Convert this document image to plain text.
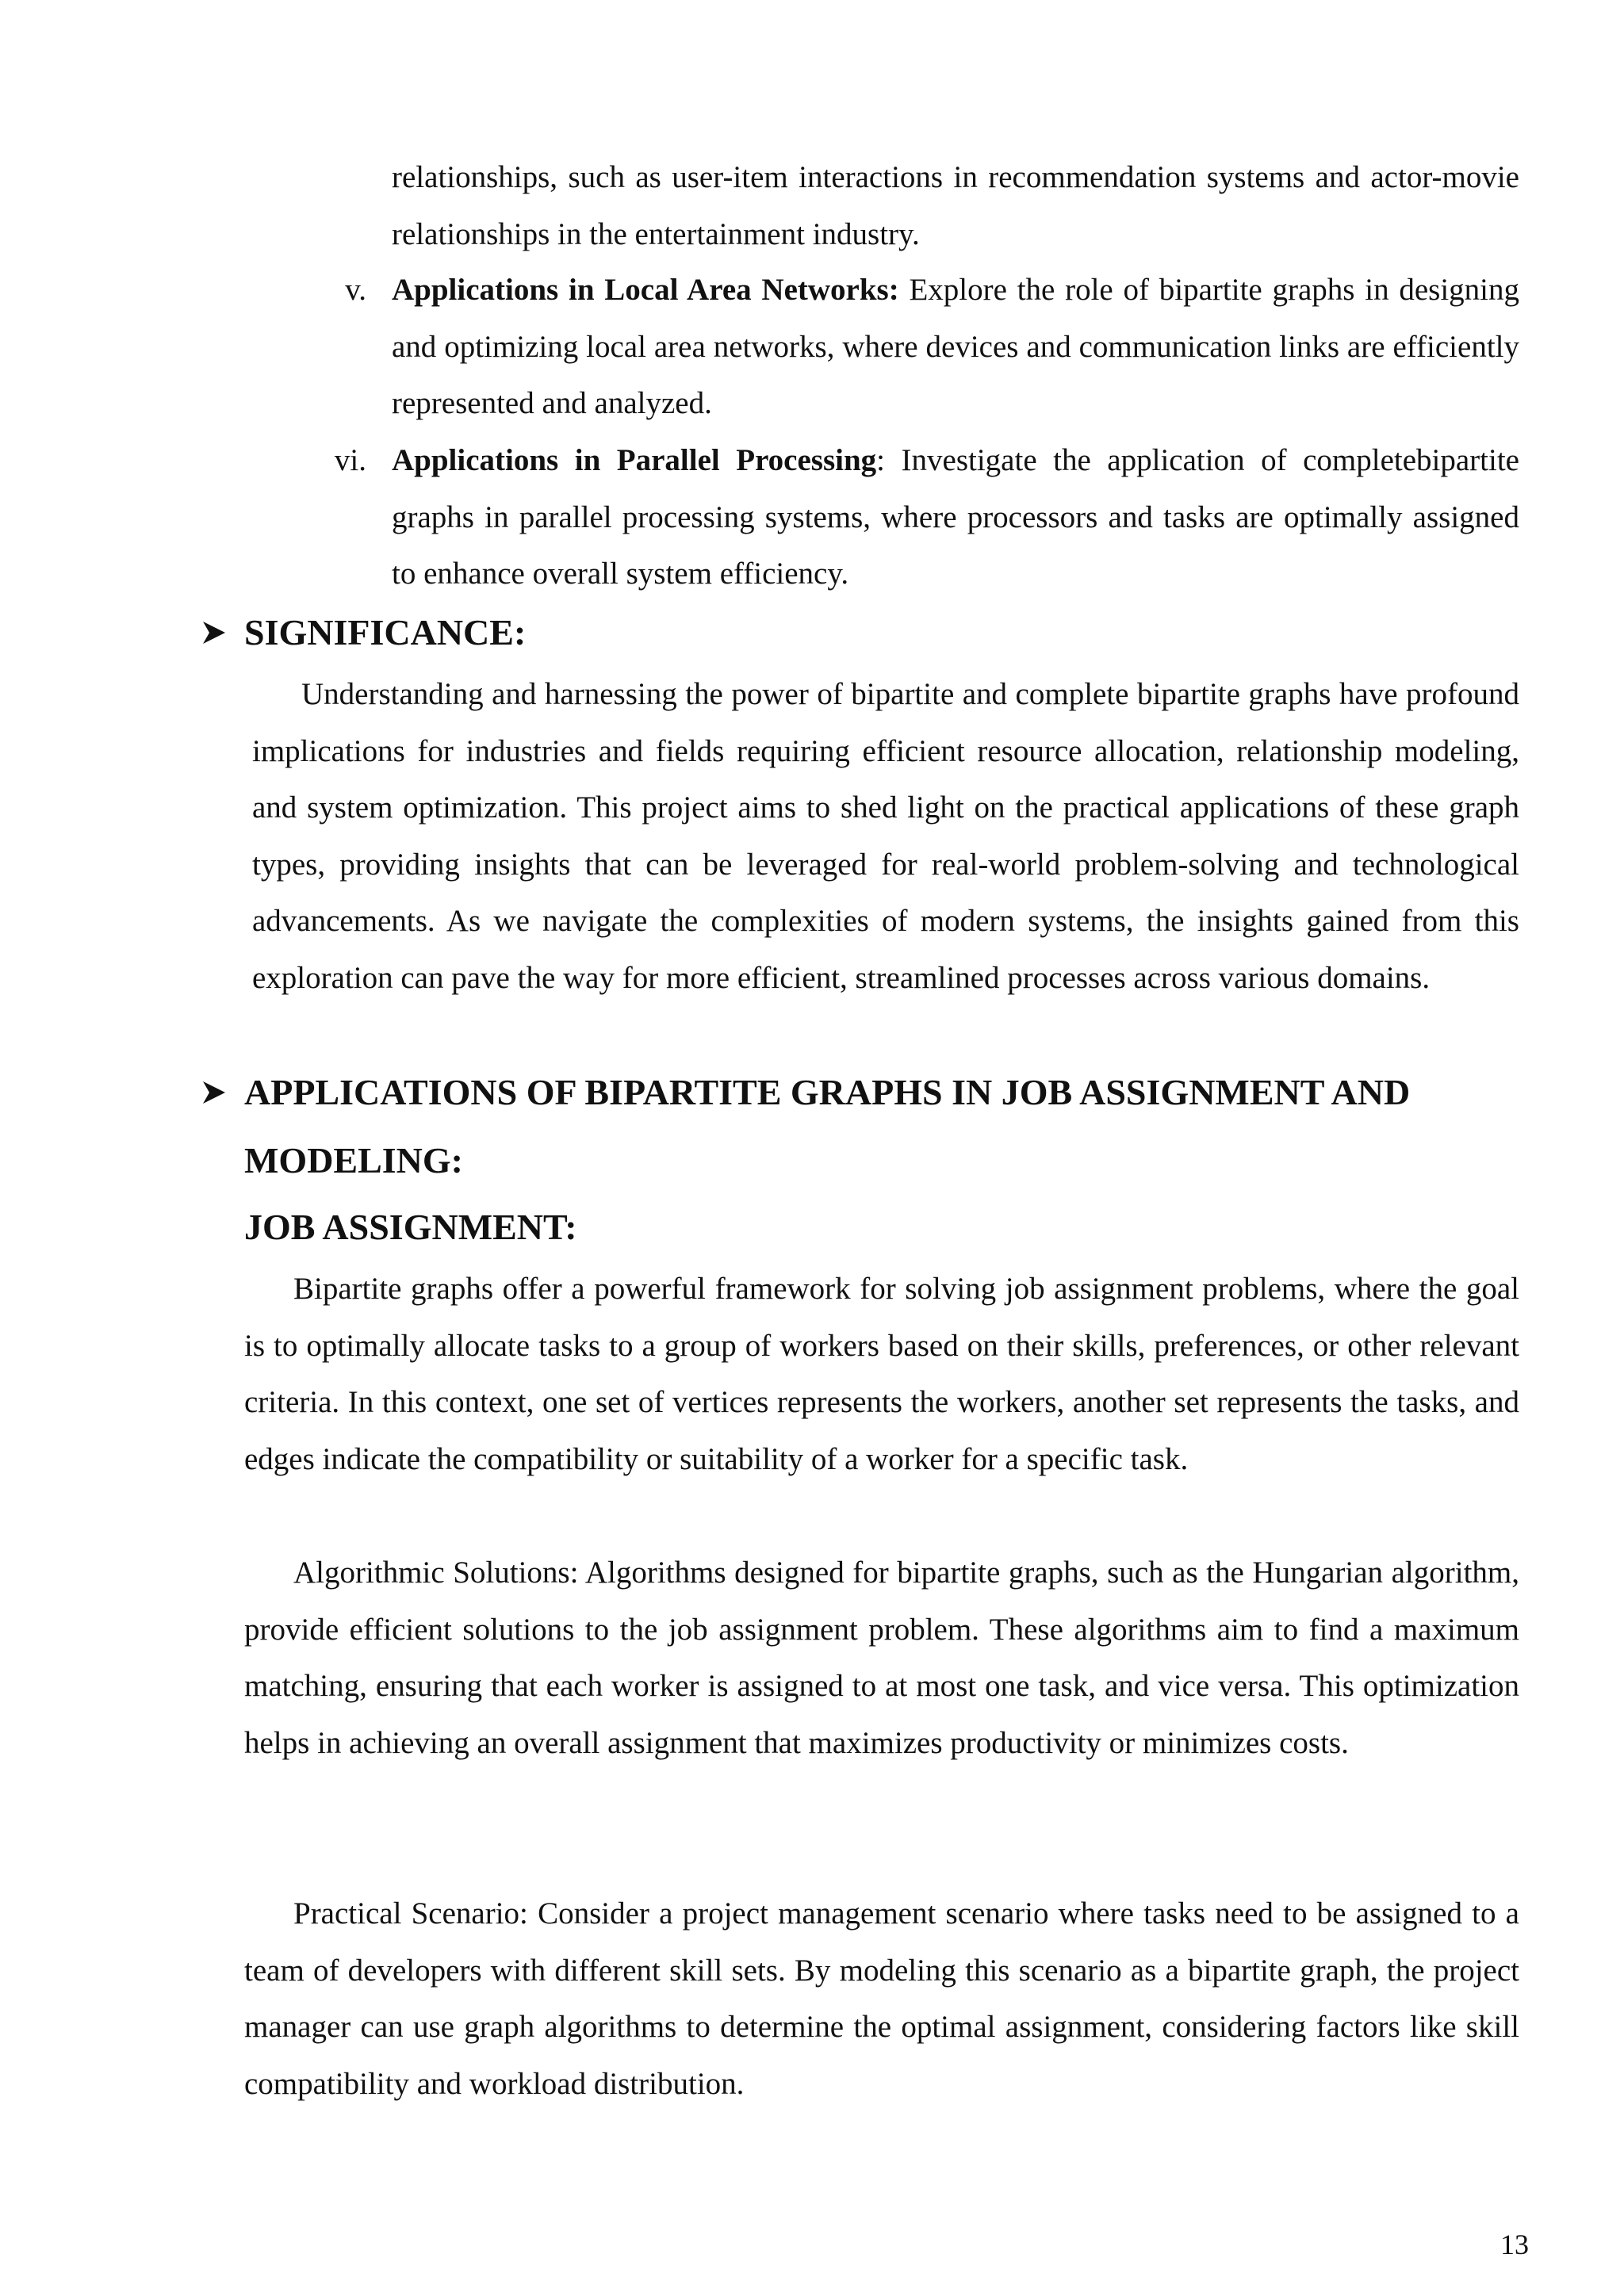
relationships, such as user-item interactions in recommendation systems and actor-movie relationships in the entertainment industry.

v. Applications in Local Area Networks: Explore the role of bipartite graphs in designing and optimizing local area networks, where devices and communication links are efficiently represented and analyzed.
vi. Applications in Parallel Processing: Investigate the application of completebipartite graphs in parallel processing systems, where processors and tasks are optimally assigned to enhance overall system efficiency.
SIGNIFICANCE:

Understanding and harnessing the power of bipartite and complete bipartite graphs have profound implications for industries and fields requiring efficient resource allocation, relationship modeling, and system optimization. This project aims to shed light on the practical applications of these graph types, providing insights that can be leveraged for real-world problem-solving and technological advancements. As we navigate the complexities of modern systems, the insights gained from this exploration can pave the way for more efficient, streamlined processes across various domains.

APPLICATIONS OF BIPARTITE GRAPHS IN JOB ASSIGNMENT AND
MODELING:
JOB ASSIGNMENT:

Bipartite graphs offer a powerful framework for solving job assignment problems, where the goal is to optimally allocate tasks to a group of workers based on their skills, preferences, or other relevant criteria. In this context, one set of vertices represents the workers, another set represents the tasks, and edges indicate the compatibility or suitability of a worker for a specific task.

Algorithmic Solutions: Algorithms designed for bipartite graphs, such as the Hungarian algorithm, provide efficient solutions to the job assignment problem. These algorithms aim to find a maximum matching, ensuring that each worker is assigned to at most one task, and vice versa. This optimization helps in achieving an overall assignment that maximizes productivity or minimizes costs.

Practical Scenario: Consider a project management scenario where tasks need to be assigned to a team of developers with different skill sets. By modeling this scenario as a bipartite graph, the project manager can use graph algorithms to determine the optimal assignment, considering factors like skill compatibility and workload distribution.

13
